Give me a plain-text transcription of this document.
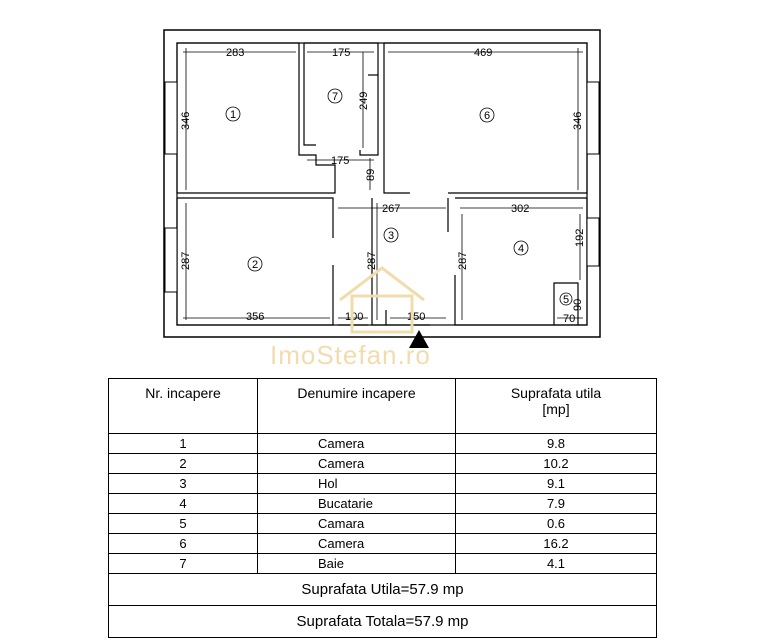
283	175	469
346
249
175
346
89
267	302
287	287	287
192
356	100	150
90
70
1
2
3
4
5
6
7
ImoStefan.ro
Nr. incapere	Denumire incapere	Suprafata utila
[mp]
1	Camera	9.8
2	Camera	10.2
3	Hol	9.1
4	Bucatarie	7.9
5	Camara	0.6
6	Camera	16.2
7	Baie	4.1
Suprafata Utila=57.9 mp		
Suprafata Totala=57.9 mp		
